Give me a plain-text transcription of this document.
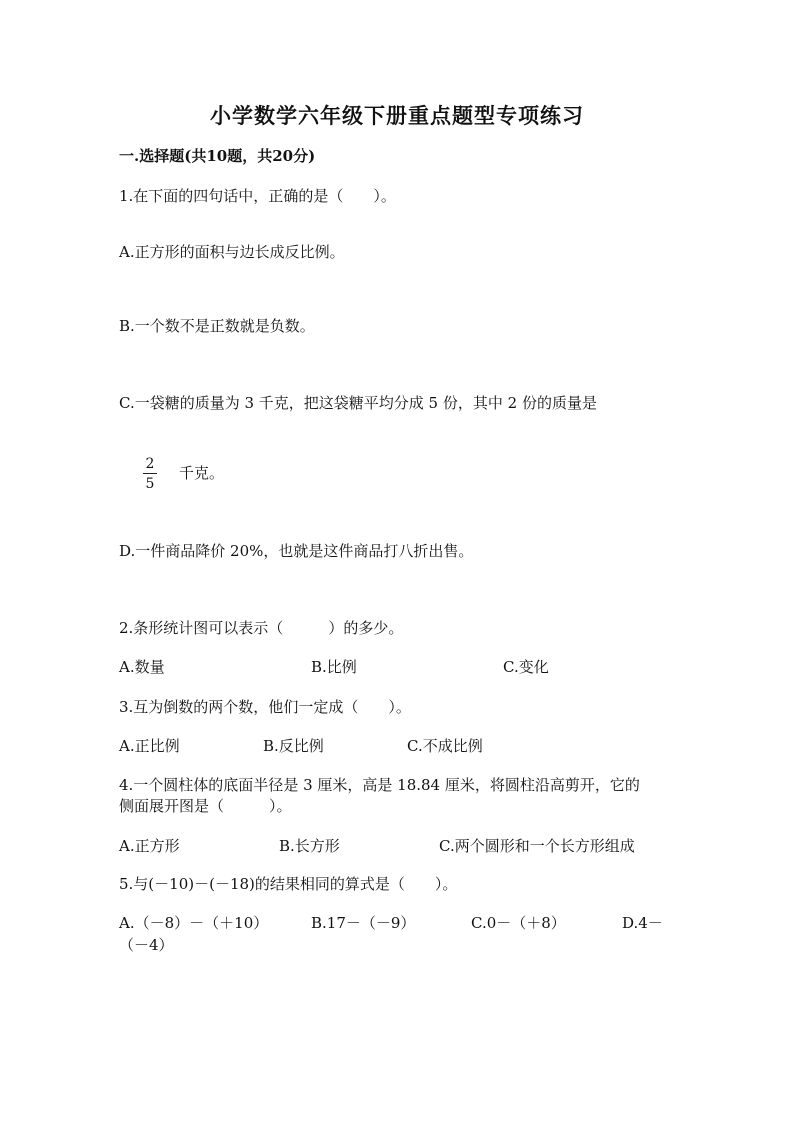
小学数学六年级下册重点题型专项练习
一.选择题(共10题，共20分)
1.在下面的四句话中，正确的是（　　）。
A.正方形的面积与边长成反比例。
B.一个数不是正数就是负数。
C.一袋糖的质量为 3 千克，把这袋糖平均分成 5 份，其中 2 份的质量是
2
5
千克。
D.一件商品降价 20%，也就是这件商品打八折出售。
2.条形统计图可以表示（　　　）的多少。
A.数量	B.比例	C.变化
3.互为倒数的两个数，他们一定成（　　）。
A.正比例	B.反比例	C.不成比例
4.一个圆柱体的底面半径是 3 厘米，高是 18.84 厘米，将圆柱沿高剪开，它的
侧面展开图是（　　　）。
A.正方形	B.长方形	C.两个圆形和一个长方形组成
5.与(－10)－(－18)的结果相同的算式是（　　）。
A.（－8）－（＋10）	B.17－（－9）	C.0－（＋8）	D.4－
（－4）
